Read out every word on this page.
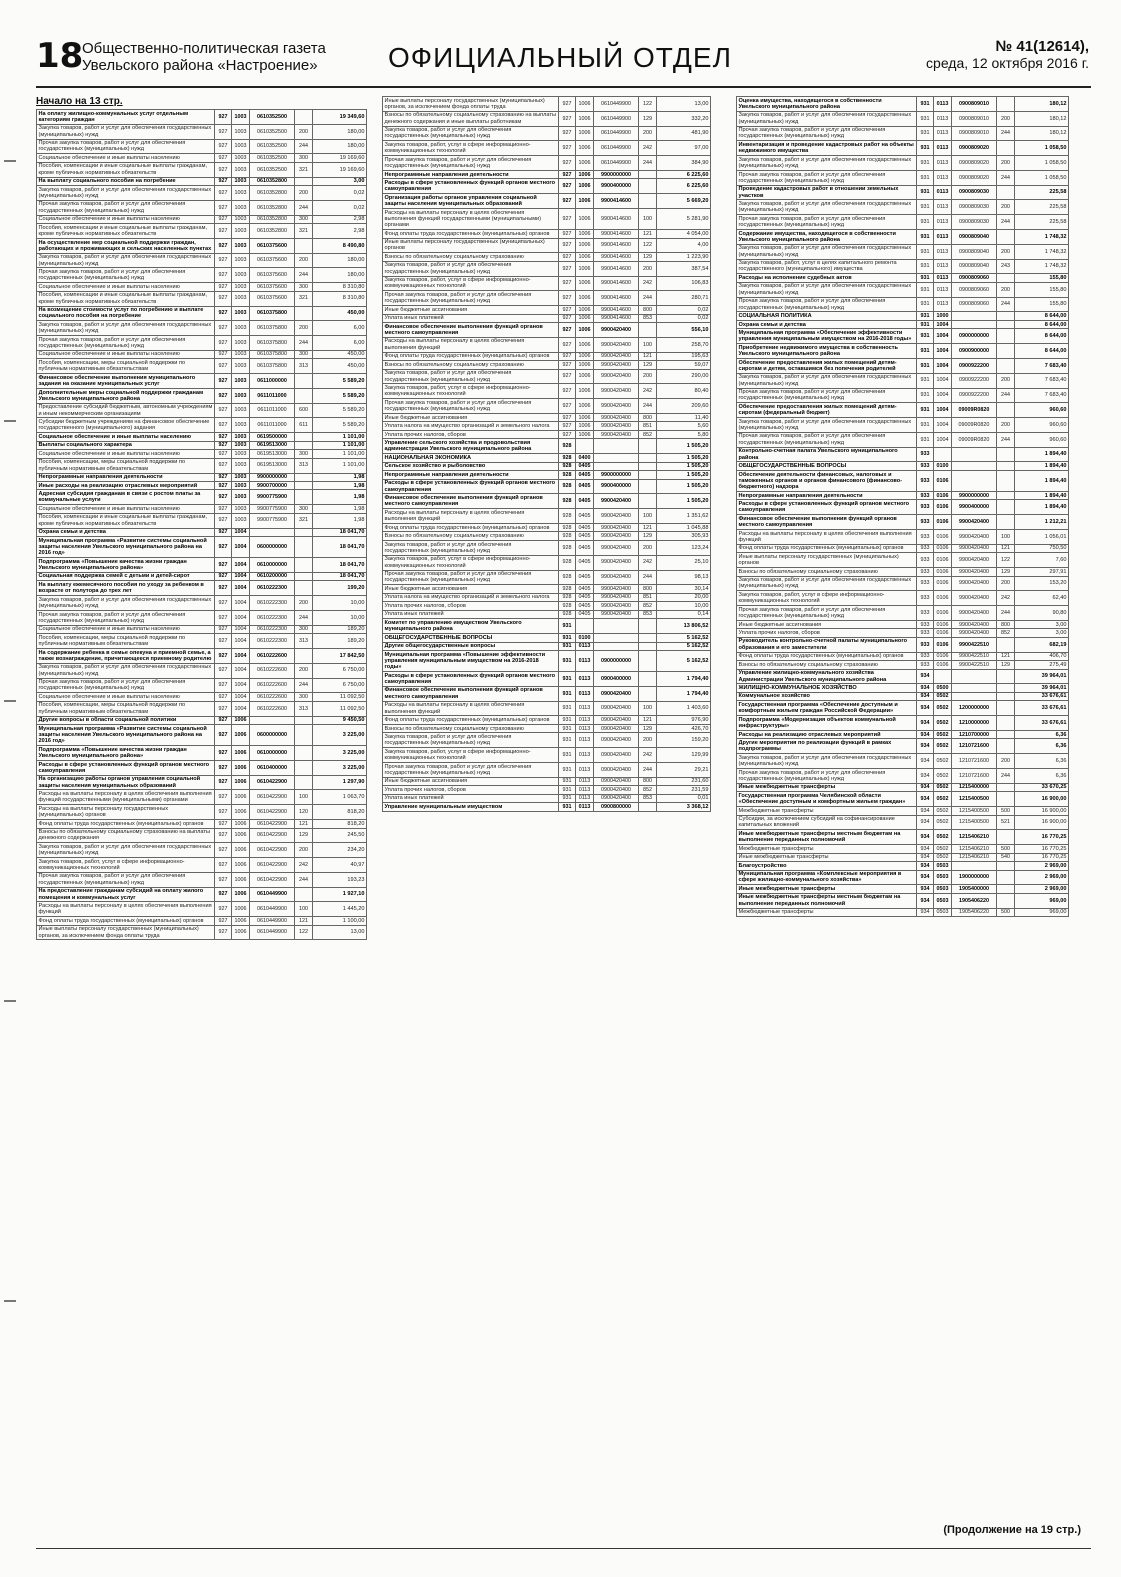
18
Общественно-политическая газета
Увельского района «Настроение»	ОФИЦИАЛЬНЫЙ ОТДЕЛ	№ 41(12614),
среда, 12 октября 2016 г.
Начало на 13 стр.
На оплату жилищно-коммунальных услуг отдельным категориям граждан	927	1003	0610352500		19 349,60
Закупка товаров, работ и услуг для обеспечения государственных (муниципальных) нужд	927	1003	0610352500	200	180,00
Прочая закупка товаров, работ и услуг для обеспечения государственных (муниципальных) нужд	927	1003	0610352500	244	180,00
Социальное обеспечение и иные выплаты населению	927	1003	0610352500	300	19 169,60
Пособия, компенсации и иные социальные выплаты гражданам, кроме публичных нормативных обязательств	927	1003	0610352500	321	19 169,60
На выплату социального пособия на погребение	927	1003	0610352800		3,00
Закупка товаров, работ и услуг для обеспечения государственных (муниципальных) нужд	927	1003	0610352800	200	0,02
Прочая закупка товаров, работ и услуг для обеспечения государственных (муниципальных) нужд	927	1003	0610352800	244	0,02
Социальное обеспечение и иные выплаты населению	927	1003	0610352800	300	2,98
Пособия, компенсации и иные социальные выплаты гражданам, кроме публичных нормативных обязательств	927	1003	0610352800	321	2,98
На осуществление мер социальной поддержки граждан, работающих и проживающих в сельских населенных пунктах	927	1003	0610375600		8 490,80
Закупка товаров, работ и услуг для обеспечения государственных (муниципальных) нужд	927	1003	0610375600	200	180,00
Прочая закупка товаров, работ и услуг для обеспечения государственных (муниципальных) нужд	927	1003	0610375600	244	180,00
Социальное обеспечение и иные выплаты населению	927	1003	0610375600	300	8 310,80
Пособия, компенсации и иные социальные выплаты гражданам, кроме публичных нормативных обязательств	927	1003	0610375600	321	8 310,80
На возмещение стоимости услуг по погребению и выплате социального пособия на погребение	927	1003	0610375800		450,00
Закупка товаров, работ и услуг для обеспечения государственных (муниципальных) нужд	927	1003	0610375800	200	6,00
Прочая закупка товаров, работ и услуг для обеспечения государственных (муниципальных) нужд	927	1003	0610375800	244	6,00
Социальное обеспечение и иные выплаты населению	927	1003	0610375800	300	450,00
Пособия, компенсации, меры социальной поддержки по публичным нормативным обязательствам	927	1003	0610375800	313	450,00
Финансовое обеспечение выполнения муниципального задания на оказание муниципальных услуг	927	1003	0611000000		5 589,20
Дополнительные меры социальной поддержки гражданам Увельского муниципального района	927	1003	0611011000		5 589,20
Предоставление субсидий бюджетным, автономным учреждениям и иным некоммерческим организациям	927	1003	0611011000	600	5 589,20
Субсидии бюджетным учреждениям на финансовое обеспечение государственного (муниципального) задания	927	1003	0611011000	611	5 589,20
Социальное обеспечение и иные выплаты населению	927	1003	0619500000		1 101,00
Выплаты социального характера	927	1003	0619513000		1 101,00
Социальное обеспечение и иные выплаты населению	927	1003	0619513000	300	1 101,00
Пособия, компенсации, меры социальной поддержки по публичным нормативным обязательствам	927	1003	0619513000	313	1 101,00
Непрограммные направления деятельности	927	1003	9900000000		1,98
Иные расходы на реализацию отраслевых мероприятий	927	1003	9900700000		1,98
Адресная субсидия гражданам в связи с ростом платы за коммунальные услуги	927	1003	9900775900		1,98
Социальное обеспечение и иные выплаты населению	927	1003	9900775900	300	1,98
Пособия, компенсации и иные социальные выплаты гражданам, кроме публичных нормативных обязательств	927	1003	9900775900	321	1,98
Охрана семьи и детства	927	1004			18 041,70
Муниципальная программа «Развитие системы социальной защиты населения Увельского муниципального района на 2016 год»	927	1004	0600000000		18 041,70
Подпрограмма «Повышение качества жизни граждан Увельского муниципального района»	927	1004	0610000000		18 041,70
Социальная поддержка семей с детьми и детей-сирот	927	1004	0610200000		18 041,70
На выплату ежемесячного пособия по уходу за ребенком в возрасте от полутора до трех лет	927	1004	0610222300		199,20
Закупка товаров, работ и услуг для обеспечения государственных (муниципальных) нужд	927	1004	0610222300	200	10,00
Прочая закупка товаров, работ и услуг для обеспечения государственных (муниципальных) нужд	927	1004	0610222300	244	10,00
Социальное обеспечение и иные выплаты населению	927	1004	0610222300	300	189,20
Пособия, компенсации, меры социальной поддержки по публичным нормативным обязательствам	927	1004	0610222300	313	189,20
На содержание ребенка в семье опекуна и приемной семье, а также вознаграждение, причитающееся приемному родителю	927	1004	0610222600		17 842,50
Закупка товаров, работ и услуг для обеспечения государственных (муниципальных) нужд	927	1004	0610222600	200	6 750,00
Прочая закупка товаров, работ и услуг для обеспечения государственных (муниципальных) нужд	927	1004	0610222600	244	6 750,00
Социальное обеспечение и иные выплаты населению	927	1004	0610222600	300	11 092,50
Пособия, компенсации, меры социальной поддержки по публичным нормативным обязательствам	927	1004	0610222600	313	11 092,50
Другие вопросы в области социальной политики	927	1006			9 450,50
Муниципальная программа «Развитие системы социальной защиты населения Увельского муниципального района на 2016 год»	927	1006	0600000000		3 225,00
Подпрограмма «Повышение качества жизни граждан Увельского муниципального района»	927	1006	0610000000		3 225,00
Расходы в сфере установленных функций органов местного самоуправления	927	1006	0610400000		3 225,00
На организацию работы органов управления социальной защиты населения муниципальных образований	927	1006	0610422900		1 297,90
Расходы на выплаты персоналу в целях обеспечения выполнения функций государственными (муниципальными) органами	927	1006	0610422900	100	1 063,70
Расходы на выплаты персоналу государственных (муниципальных) органов	927	1006	0610422900	120	818,20
Фонд оплаты труда государственных (муниципальных) органов	927	1006	0610422900	121	818,20
Взносы по обязательному социальному страхованию на выплаты денежного содержания	927	1006	0610422900	129	245,50
Закупка товаров, работ и услуг для обеспечения государственных (муниципальных) нужд	927	1006	0610422900	200	234,20
Закупка товаров, работ, услуг в сфере информационно-коммуникационных технологий	927	1006	0610422900	242	40,97
Прочая закупка товаров, работ и услуг для обеспечения государственных (муниципальных) нужд	927	1006	0610422900	244	193,23
На предоставление гражданам субсидий на оплату жилого помещения и коммунальных услуг	927	1006	0610449900		1 927,10
Расходы на выплаты персоналу в целях обеспечения выполнения функций	927	1006	0610449900	100	1 445,20
Фонд оплаты труда государственных (муниципальных) органов	927	1006	0610449900	121	1 100,00
Иные выплаты персоналу государственных (муниципальных) органов, за исключением фонда оплаты труда	927	1006	0610449900	122	13,00
Иные выплаты персоналу государственных (муниципальных) органов, за исключением фонда оплаты труда	927	1006	0610449900	122	13,00
Взносы по обязательному социальному страхованию на выплаты денежного содержания и иные выплаты работникам	927	1006	0610449900	129	332,20
Закупка товаров, работ и услуг для обеспечения государственных (муниципальных) нужд	927	1006	0610449900	200	481,90
Закупка товаров, работ, услуг в сфере информационно-коммуникационных технологий	927	1006	0610449900	242	97,00
Прочая закупка товаров, работ и услуг для обеспечения государственных (муниципальных) нужд	927	1006	0610449900	244	384,90
Непрограммные направления деятельности	927	1006	9900000000		6 225,60
Расходы в сфере установленных функций органов местного самоуправления	927	1006	9900400000		6 225,60
Организация работы органов управления социальной защиты населения муниципальных образований	927	1006	9900414600		5 669,20
Расходы на выплаты персоналу в целях обеспечения выполнения функций государственными (муниципальными) органами	927	1006	9900414600	100	5 281,90
Фонд оплаты труда государственных (муниципальных) органов	927	1006	9900414600	121	4 054,00
Иные выплаты персоналу государственных (муниципальных) органов	927	1006	9900414600	122	4,00
Взносы по обязательному социальному страхованию	927	1006	9900414600	129	1 223,90
Закупка товаров, работ и услуг для обеспечения государственных (муниципальных) нужд	927	1006	9900414600	200	387,54
Закупка товаров, работ, услуг в сфере информационно-коммуникационных технологий	927	1006	9900414600	242	106,83
Прочая закупка товаров, работ и услуг для обеспечения государственных (муниципальных) нужд	927	1006	9900414600	244	280,71
Иные бюджетные ассигнования	927	1006	9900414600	800	0,02
Уплата иных платежей	927	1006	9900414600	853	0,02
Финансовое обеспечение выполнения функций органов местного самоуправления	927	1006	9900420400		556,10
Расходы на выплаты персоналу в целях обеспечения выполнения функций	927	1006	9900420400	100	258,70
Фонд оплаты труда государственных (муниципальных) органов	927	1006	9900420400	121	195,63
Взносы по обязательному социальному страхованию	927	1006	9900420400	129	59,07
Закупка товаров, работ и услуг для обеспечения государственных (муниципальных) нужд	927	1006	9900420400	200	290,00
Закупка товаров, работ, услуг в сфере информационно-коммуникационных технологий	927	1006	9900420400	242	80,40
Прочая закупка товаров, работ и услуг для обеспечения государственных (муниципальных) нужд	927	1006	9900420400	244	209,60
Иные бюджетные ассигнования	927	1006	9900420400	800	11,40
Уплата налога на имущество организаций и земельного налога	927	1006	9900420400	851	5,60
Уплата прочих налогов, сборов	927	1006	9900420400	852	5,80
Управление сельского хозяйства и продовольствия администрации Увельского муниципального района	928				1 505,20
НАЦИОНАЛЬНАЯ ЭКОНОМИКА	928	0400			1 505,20
Сельское хозяйство и рыболовство	928	0405			1 505,20
Непрограммные направления деятельности	928	0405	9900000000		1 505,20
Расходы в сфере установленных функций органов местного самоуправления	928	0405	9900400000		1 505,20
Финансовое обеспечение выполнения функций органов местного самоуправления	928	0405	9900420400		1 505,20
Расходы на выплаты персоналу в целях обеспечения выполнения функций	928	0405	9900420400	100	1 351,62
Фонд оплаты труда государственных (муниципальных) органов	928	0405	9900420400	121	1 045,88
Взносы по обязательному социальному страхованию	928	0405	9900420400	129	305,93
Закупка товаров, работ и услуг для обеспечения государственных (муниципальных) нужд	928	0405	9900420400	200	123,24
Закупка товаров, работ, услуг в сфере информационно-коммуникационных технологий	928	0405	9900420400	242	25,10
Прочая закупка товаров, работ и услуг для обеспечения государственных (муниципальных) нужд	928	0405	9900420400	244	98,13
Иные бюджетные ассигнования	928	0405	9900420400	800	30,14
Уплата налога на имущество организаций и земельного налога	928	0405	9900420400	851	20,00
Уплата прочих налогов, сборов	928	0405	9900420400	852	10,00
Уплата иных платежей	928	0405	9900420400	853	0,14
Комитет по управлению имуществом Увельского муниципального района	931				13 806,52
ОБЩЕГОСУДАРСТВЕННЫЕ ВОПРОСЫ	931	0100			5 162,52
Другие общегосударственные вопросы	931	0113			5 162,52
Муниципальная программа «Повышение эффективности управления муниципальным имуществом на 2016-2018 годы»	931	0113	0900000000		5 162,52
Расходы в сфере установленных функций органов местного самоуправления	931	0113	0900400000		1 794,40
Финансовое обеспечение выполнения функций органов местного самоуправления	931	0113	0900420400		1 794,40
Расходы на выплаты персоналу в целях обеспечения выполнения функций	931	0113	0900420400	100	1 403,60
Фонд оплаты труда государственных (муниципальных) органов	931	0113	0900420400	121	976,90
Взносы по обязательному социальному страхованию	931	0113	0900420400	129	426,70
Закупка товаров, работ и услуг для обеспечения государственных (муниципальных) нужд	931	0113	0900420400	200	159,20
Закупка товаров, работ, услуг в сфере информационно-коммуникационных технологий	931	0113	0900420400	242	129,99
Прочая закупка товаров, работ и услуг для обеспечения государственных (муниципальных) нужд	931	0113	0900420400	244	29,21
Иные бюджетные ассигнования	931	0113	0900420400	800	231,60
Уплата прочих налогов, сборов	931	0113	0900420400	852	231,59
Уплата иных платежей	931	0113	0900420400	853	0,01
Управление муниципальным имуществом	931	0113	0900800000		3 368,12
Оценка имущества, находящегося в собственности Увельского муниципального района	931	0113	0900809010		180,12
Закупка товаров, работ и услуг для обеспечения государственных (муниципальных) нужд	931	0113	0900809010	200	180,12
Прочая закупка товаров, работ и услуг для обеспечения государственных (муниципальных) нужд	931	0113	0900809010	244	180,12
Инвентаризация и проведение кадастровых работ на объекты недвижимого имущества	931	0113	0900809020		1 058,50
Закупка товаров, работ и услуг для обеспечения государственных (муниципальных) нужд	931	0113	0900809020	200	1 058,50
Прочая закупка товаров, работ и услуг для обеспечения государственных (муниципальных) нужд	931	0113	0900809020	244	1 058,50
Проведение кадастровых работ в отношении земельных участков	931	0113	0900809030		225,58
Закупка товаров, работ и услуг для обеспечения государственных (муниципальных) нужд	931	0113	0900809030	200	225,58
Прочая закупка товаров, работ и услуг для обеспечения государственных (муниципальных) нужд	931	0113	0900809030	244	225,58
Содержание имущества, находящегося в собственности Увельского муниципального района	931	0113	0900809040		1 748,32
Закупка товаров, работ и услуг для обеспечения государственных (муниципальных) нужд	931	0113	0900809040	200	1 748,32
Закупка товаров, работ, услуг в целях капитального ремонта государственного (муниципального) имущества	931	0113	0900809040	243	1 748,32
Расходы на исполнение судебных актов	931	0113	0900809060		155,80
Закупка товаров, работ и услуг для обеспечения государственных (муниципальных) нужд	931	0113	0900809060	200	155,80
Прочая закупка товаров, работ и услуг для обеспечения государственных (муниципальных) нужд	931	0113	0900809060	244	155,80
СОЦИАЛЬНАЯ ПОЛИТИКА	931	1000			8 644,00
Охрана семьи и детства	931	1004			8 644,00
Муниципальная программа «Обеспечение эффективности управления муниципальным имуществом на 2016-2018 годы»	931	1004	0900000000		8 644,00
Приобретение недвижимого имущества в собственность Увельского муниципального района	931	1004	0900900000		8 644,00
Обеспечение предоставления жилых помещений детям-сиротам и детям, оставшимся без попечения родителей	931	1004	0900922200		7 683,40
Закупка товаров, работ и услуг для обеспечения государственных (муниципальных) нужд	931	1004	0900922200	200	7 683,40
Прочая закупка товаров, работ и услуг для обеспечения государственных (муниципальных) нужд	931	1004	0900922200	244	7 683,40
Обеспечение предоставления жилых помещений детям-сиротам (федеральный бюджет)	931	1004	09009R0820		960,60
Закупка товаров, работ и услуг для обеспечения государственных (муниципальных) нужд	931	1004	09009R0820	200	960,60
Прочая закупка товаров, работ и услуг для обеспечения государственных (муниципальных) нужд	931	1004	09009R0820	244	960,60
Контрольно-счетная палата Увельского муниципального района	933				1 894,40
ОБЩЕГОСУДАРСТВЕННЫЕ ВОПРОСЫ	933	0100			1 894,40
Обеспечение деятельности финансовых, налоговых и таможенных органов и органов финансового (финансово-бюджетного) надзора	933	0106			1 894,40
Непрограммные направления деятельности	933	0106	9900000000		1 894,40
Расходы в сфере установленных функций органов местного самоуправления	933	0106	9900400000		1 894,40
Финансовое обеспечение выполнения функций органов местного самоуправления	933	0106	9900420400		1 212,21
Расходы на выплаты персоналу в целях обеспечения выполнения функций	933	0106	9900420400	100	1 056,01
Фонд оплаты труда государственных (муниципальных) органов	933	0106	9900420400	121	750,50
Иные выплаты персоналу государственных (муниципальных) органов	933	0106	9900420400	122	7,60
Взносы по обязательному социальному страхованию	933	0106	9900420400	129	297,91
Закупка товаров, работ и услуг для обеспечения государственных (муниципальных) нужд	933	0106	9900420400	200	153,20
Закупка товаров, работ, услуг в сфере информационно-коммуникационных технологий	933	0106	9900420400	242	62,40
Прочая закупка товаров, работ и услуг для обеспечения государственных (муниципальных) нужд	933	0106	9900420400	244	90,80
Иные бюджетные ассигнования	933	0106	9900420400	800	3,00
Уплата прочих налогов, сборов	933	0106	9900420400	852	3,00
Руководитель контрольно-счетной палаты муниципального образования и его заместители	933	0106	9900422510		682,19
Фонд оплаты труда государственных (муниципальных) органов	933	0106	9900422510	121	406,70
Взносы по обязательному социальному страхованию	933	0106	9900422510	129	275,49
Управление жилищно-коммунального хозяйства Администрации Увельского муниципального района	934				39 964,01
ЖИЛИЩНО-КОММУНАЛЬНОЕ ХОЗЯЙСТВО	934	0500			39 964,01
Коммунальное хозяйство	934	0502			33 676,61
Государственная программа «Обеспечение доступным и комфортным жильем граждан Российской Федерации»	934	0502	1200000000		33 676,61
Подпрограмма «Модернизация объектов коммунальной инфраструктуры»	934	0502	1210000000		33 676,61
Расходы на реализацию отраслевых мероприятий	934	0502	1210700000		6,36
Другие мероприятия по реализации функций в рамках подпрограммы	934	0502	1210721600		6,36
Закупка товаров, работ и услуг для обеспечения государственных (муниципальных) нужд	934	0502	1210721600	200	6,36
Прочая закупка товаров, работ и услуг для обеспечения государственных (муниципальных) нужд	934	0502	1210721600	244	6,36
Иные межбюджетные трансферты	934	0502	1215400000		33 670,25
Государственная программа Челябинской области «Обеспечение доступным и комфортным жильем граждан»	934	0502	1215400500		16 900,00
Межбюджетные трансферты	934	0502	1215400500	500	16 900,00
Субсидии, за исключением субсидий на софинансирование капитальных вложений	934	0502	1215400500	521	16 900,00
Иные межбюджетные трансферты местным бюджетам на выполнение переданных полномочий	934	0502	1215406210		16 770,25
Межбюджетные трансферты	934	0502	1215406210	500	16 770,25
Иные межбюджетные трансферты	934	0502	1215406210	540	16 770,25
Благоустройство	934	0503			2 969,00
Муниципальная программа «Комплексные мероприятия в сфере жилищно-коммунального хозяйства»	934	0503	1900000000		2 969,00
Иные межбюджетные трансферты	934	0503	1905400000		2 969,00
Иные межбюджетные трансферты местным бюджетам на выполнение переданных полномочий	934	0503	1905406220		969,00
Межбюджетные трансферты	934	0503	1905406220	500	969,00
(Продолжение на 19 стр.)
